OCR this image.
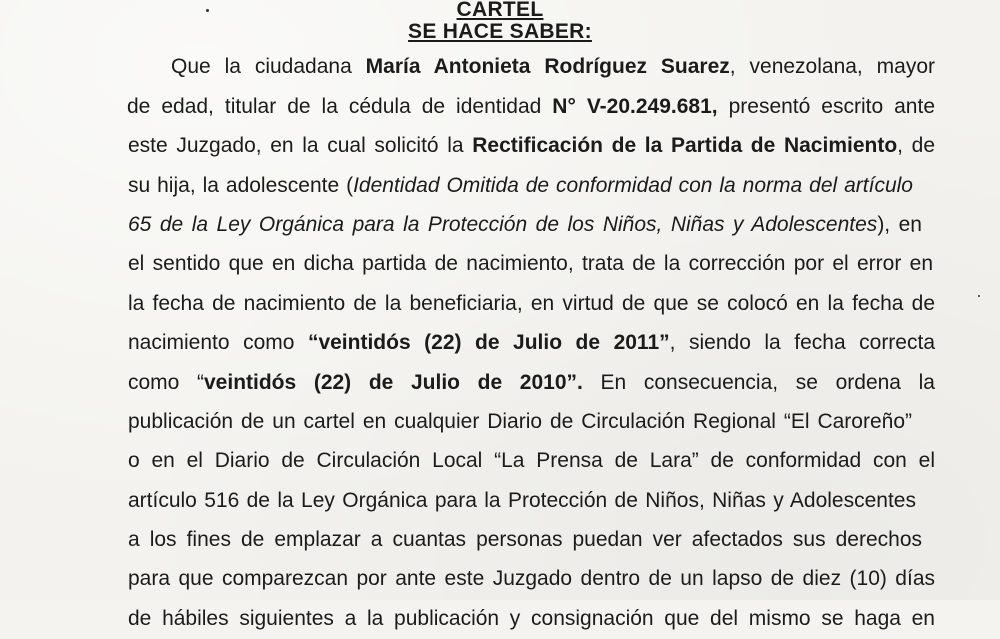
CARTEL
SE HACE SABER:
Que la ciudadana María Antonieta Rodríguez Suarez, venezolana, mayor
de edad, titular de la cédula de identidad N° V-20.249.681, presentó escrito ante
este Juzgado, en la cual solicitó la Rectificación de la Partida de Nacimiento, de
su hija, la adolescente (Identidad Omitida de conformidad con la norma del artículo
65 de la Ley Orgánica para la Protección de los Niños, Niñas y Adolescentes), en
el sentido que en dicha partida de nacimiento, trata de la corrección por el error en
la fecha de nacimiento de la beneficiaria, en virtud de que se colocó en la fecha de
nacimiento como “veintidós (22) de Julio de 2011”, siendo la fecha correcta
como “veintidós (22) de Julio de 2010”. En consecuencia, se ordena la
publicación de un cartel en cualquier Diario de Circulación Regional “El Caroreño”
o en el Diario de Circulación Local “La Prensa de Lara” de conformidad con el
artículo 516 de la Ley Orgánica para la Protección de Niños, Niñas y Adolescentes
a los fines de emplazar a cuantas personas puedan ver afectados sus derechos
para que comparezcan por ante este Juzgado dentro de un lapso de diez (10) días
de hábiles siguientes a la publicación y consignación que del mismo se haga en
